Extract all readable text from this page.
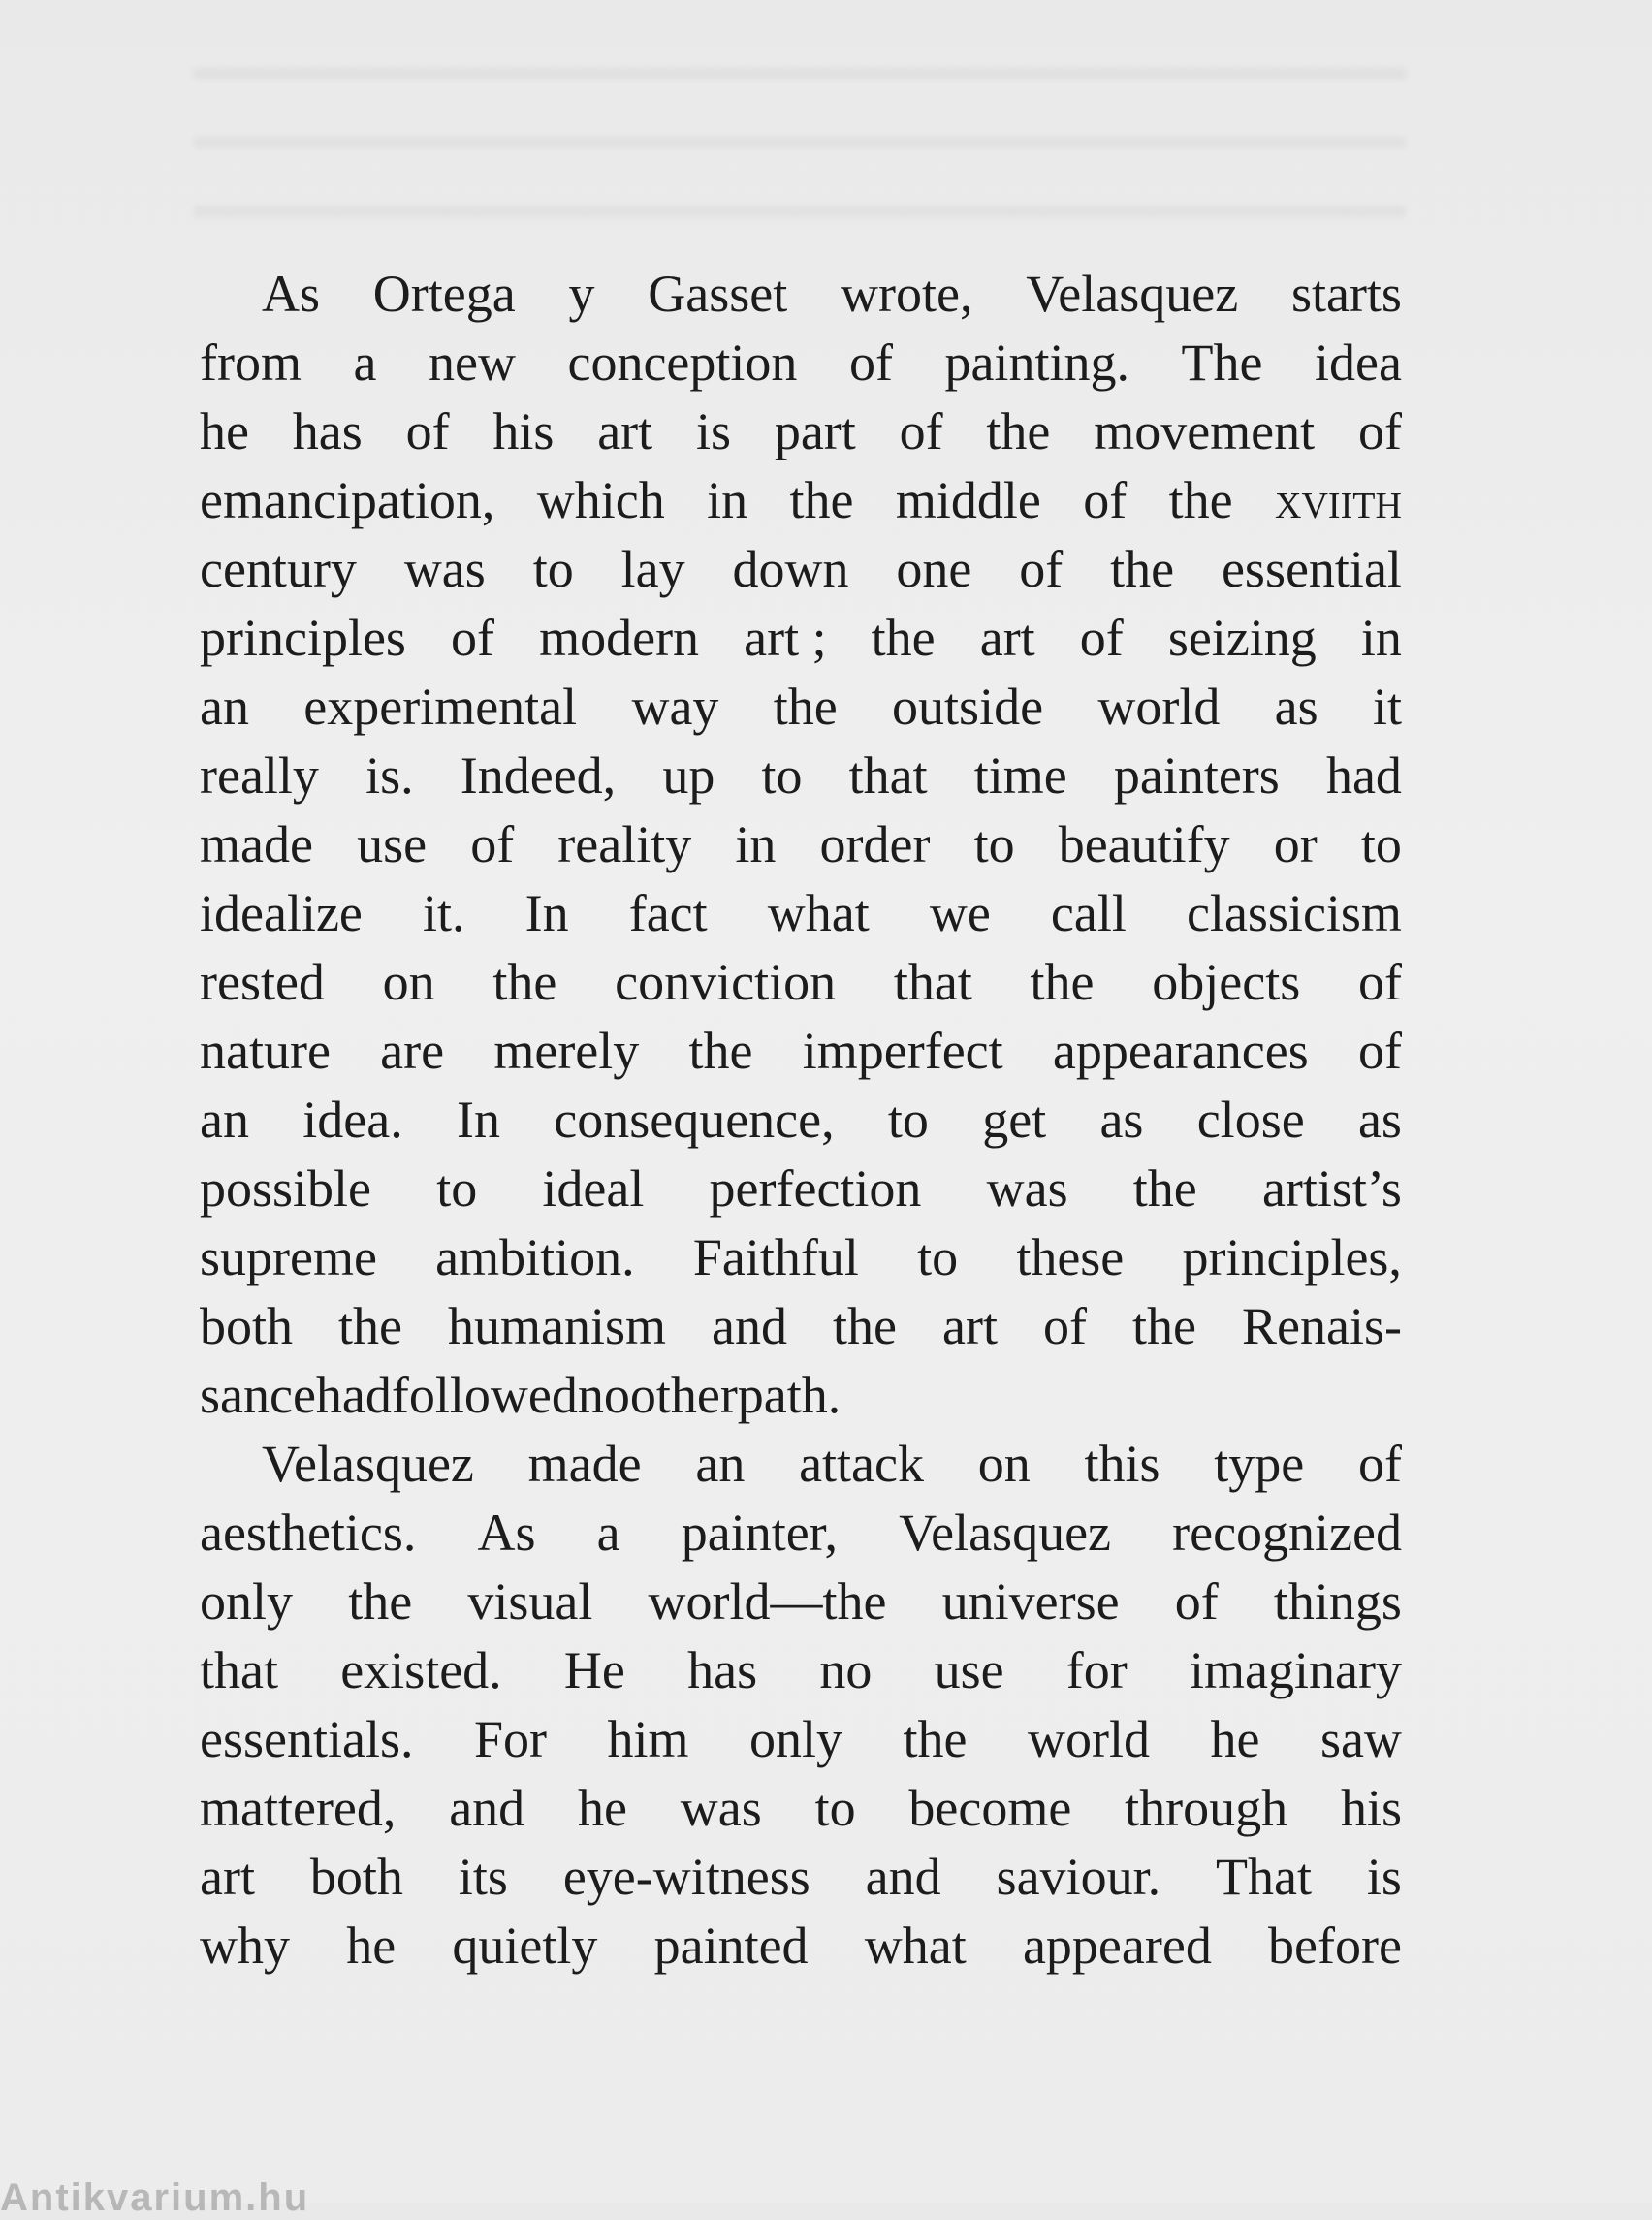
As Ortega y Gasset wrote, Velasquez starts
from a new conception of painting. The idea
he has of his art is part of the movement of
emancipation, which in the middle of the xviith
century was to lay down one of the essential
principles of modern art ; the art of seizing in
an experimental way the outside world as it
really is. Indeed, up to that time painters had
made use of reality in order to beautify or to
idealize it. In fact what we call classicism
rested on the conviction that the objects of
nature are merely the imperfect appearances of
an idea. In consequence, to get as close as
possible to ideal perfection was the artist’s
supreme ambition. Faithful to these principles,
both the humanism and the art of the Renais-
sance had followed no other path.
Velasquez made an attack on this type of
aesthetics. As a painter, Velasquez recognized
only the visual world—the universe of things
that existed. He has no use for imaginary
essentials. For him only the world he saw
mattered, and he was to become through his
art both its eye-witness and saviour. That is
why he quietly painted what appeared before
Antikvarium.hu
